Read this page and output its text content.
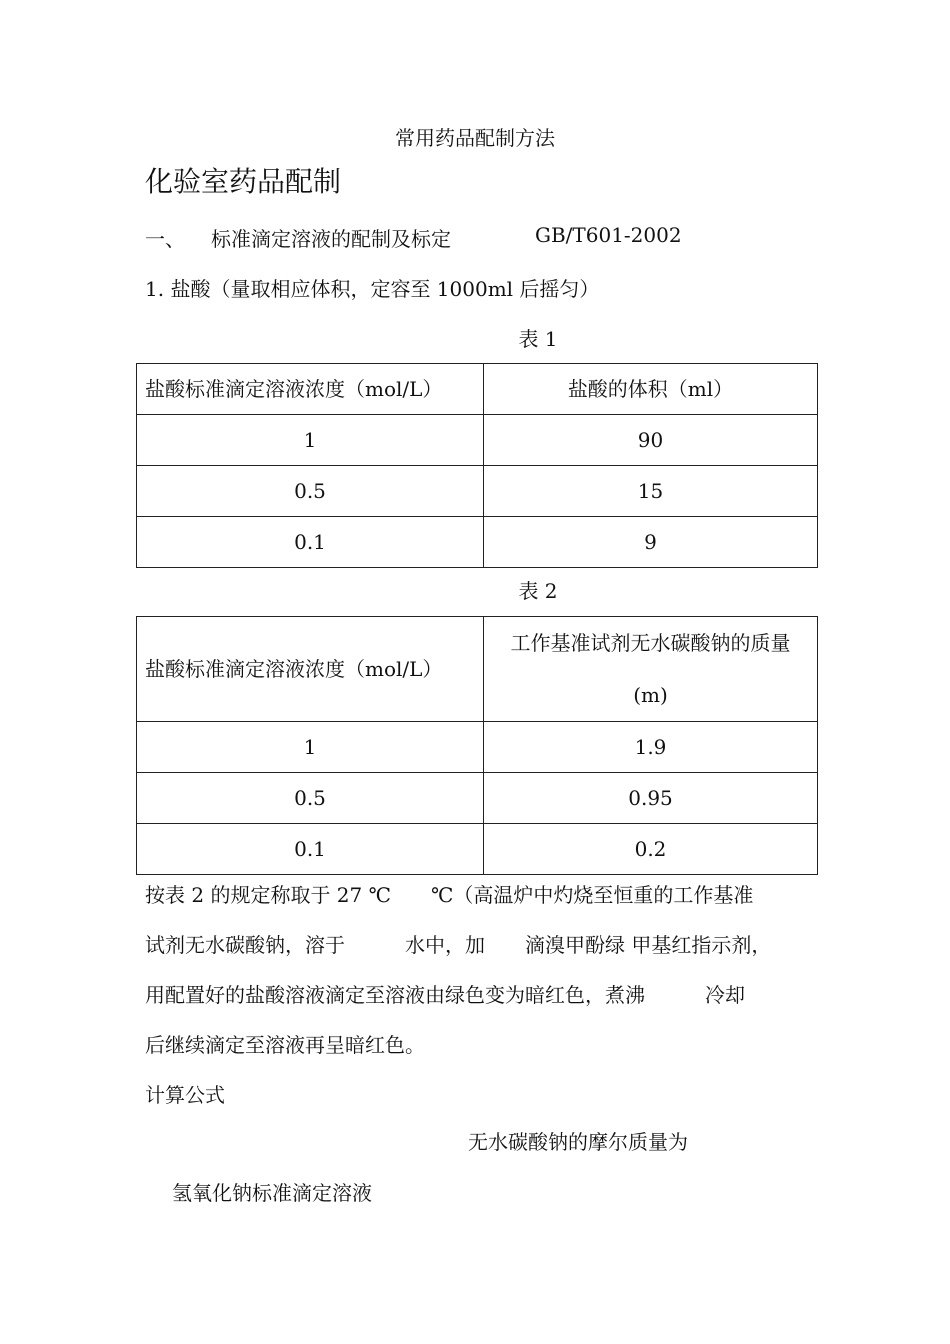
常用药品配制方法
化验室药品配制
一、 标准滴定溶液的配制及标定	GB/T601-2002
1. 盐酸（量取相应体积，定容至 1000ml 后摇匀）
表 1
盐酸标准滴定溶液浓度（mol/L）	盐酸的体积（ml）
1	90
0.5	15
0.1	9
表 2
盐酸标准滴定溶液浓度（mol/L）	工作基准试剂无水碳酸钠的质量
(m)

1	1.9
0.5	0.95
0.1	0.2
按表 2 的规定称取于 27 ℃　　℃（高温炉中灼烧至恒重的工作基准
试剂无水碳酸钠，溶于　　　水中，加　　滴溴甲酚绿 甲基红指示剂，
用配置好的盐酸溶液滴定至溶液由绿色变为暗红色，煮沸　　　冷却
后继续滴定至溶液再呈暗红色。
计算公式
无水碳酸钠的摩尔质量为
氢氧化钠标准滴定溶液
